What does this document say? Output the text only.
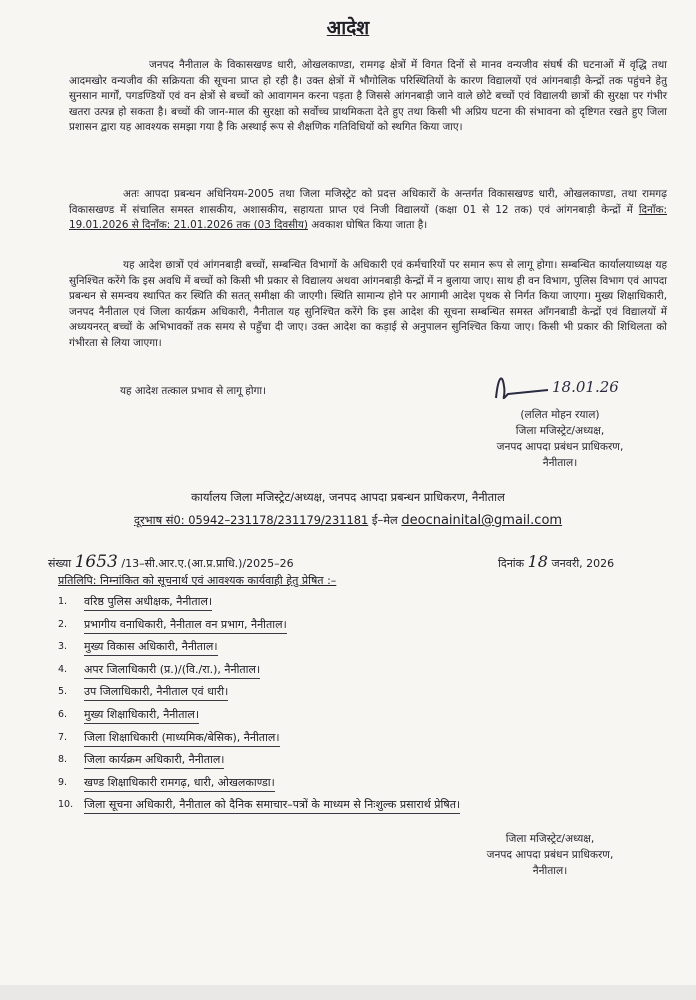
आदेश
जनपद नैनीताल के विकासखण्ड धारी, ओखलकाण्डा, रामगढ़ क्षेत्रों में विगत दिनों से मानव वन्यजीव संघर्ष की घटनाओं में वृद्धि तथा आदमखोर वन्यजीव की सक्रियता की सूचना प्राप्त हो रही है। उक्त क्षेत्रों में भौगोलिक परिस्थितियों के कारण विद्यालयों एवं आंगनबाड़ी केन्द्रों तक पहुंचने हेतु सुनसान मार्गों, पगडण्डियों एवं वन क्षेत्रों से बच्चों को आवागमन करना पड़ता है जिससे आंगनबाड़ी जाने वाले छोटे बच्चों एवं विद्यालयी छात्रों की सुरक्षा पर गंभीर खतरा उत्पन्न हो सकता है। बच्चों की जान-माल की सुरक्षा को सर्वोच्च प्राथमिकता देते हुए तथा किसी भी अप्रिय घटना की संभावना को दृष्टिगत रखते हुए जिला प्रशासन द्वारा यह आवश्यक समझा गया है कि अस्थाई रूप से शैक्षणिक गतिविधियों को स्थगित किया जाए।
अतः आपदा प्रबन्धन अधिनियम-2005 तथा जिला मजिस्ट्रेट को प्रदत्त अधिकारों के अन्तर्गत विकासखण्ड धारी, ओखलकाण्डा, तथा रामगढ़ विकासखण्ड में संचालित समस्त शासकीय, अशासकीय, सहायता प्राप्त एवं निजी विद्यालयों (कक्षा 01 से 12 तक) एवं आंगनबाड़ी केन्द्रों में दिनाँक: 19.01.2026 से दिनाँक: 21.01.2026 तक (03 दिवसीय) अवकाश घोषित किया जाता है।
यह आदेश छात्रों एवं आंगनबाड़ी बच्चों, सम्बन्धित विभागों के अधिकारी एवं कर्मचारियों पर समान रूप से लागू होगा। सम्बन्धित कार्यालयाध्यक्ष यह सुनिश्चित करेंगे कि इस अवधि में बच्चों को किसी भी प्रकार से विद्यालय अथवा आंगनबाड़ी केन्द्रों में न बुलाया जाए। साथ ही वन विभाग, पुलिस विभाग एवं आपदा प्रबन्धन से समन्वय स्थापित कर स्थिति की सतत् समीक्षा की जाएगी। स्थिति सामान्य होने पर आगामी आदेश पृथक से निर्गत किया जाएगा। मुख्य शिक्षाधिकारी, जनपद नैनीताल एवं जिला कार्यक्रम अधिकारी, नैनीताल यह सुनिश्चित करेंगे कि इस आदेश की सूचना सम्बन्धित समस्त आँगनबाडी केन्द्रों एवं विद्यालयों में अध्ययनरत् बच्चों के अभिभावकों तक समय से पहुँचा दी जाए। उक्त आदेश का कड़ाई से अनुपालन सुनिश्चित किया जाए। किसी भी प्रकार की शिथिलता को गंभीरता से लिया जाएगा।
यह आदेश तत्काल प्रभाव से लागू होगा।	18.01.26
(ललित मोहन रयाल)
जिला मजिस्ट्रेट/अध्यक्ष,
जनपद आपदा प्रबंधन प्राधिकरण,
नैनीताल।
कार्यालय जिला मजिस्ट्रेट/अध्यक्ष, जनपद आपदा प्रबन्धन प्राधिकरण, नैनीताल
दूरभाष सं0: 05942–231178/231179/231181 ई–मेल deocnainital@gmail.com
संख्या 1653 /13–सी.आर.ए.(आ.प्र.प्राधि.)/2025–26	दिनांक 18 जनवरी, 2026
प्रतिलिपि: निम्नांकित को सूचनार्थ एवं आवश्यक कार्यवाही हेतु प्रेषित :–
1.	वरिष्ठ पुलिस अधीक्षक, नैनीताल।
2.	प्रभागीय वनाधिकारी, नैनीताल वन प्रभाग, नैनीताल।
3.	मुख्य विकास अधिकारी, नैनीताल।
4.	अपर जिलाधिकारी (प्र.)/(वि./रा.), नैनीताल।
5.	उप जिलाधिकारी, नैनीताल एवं धारी।
6.	मुख्य शिक्षाधिकारी, नैनीताल।
7.	जिला शिक्षाधिकारी (माध्यमिक/बेसिक), नैनीताल।
8.	जिला कार्यक्रम अधिकारी, नैनीताल।
9.	खण्ड शिक्षाधिकारी रामगढ़, धारी, ओखलकाण्डा।
10. जिला सूचना अधिकारी, नैनीताल को दैनिक समाचार–पत्रों के माध्यम से निःशुल्क प्रसारार्थ प्रेषित।
जिला मजिस्ट्रेट/अध्यक्ष,
जनपद आपदा प्रबंधन प्राधिकरण,
नैनीताल।
